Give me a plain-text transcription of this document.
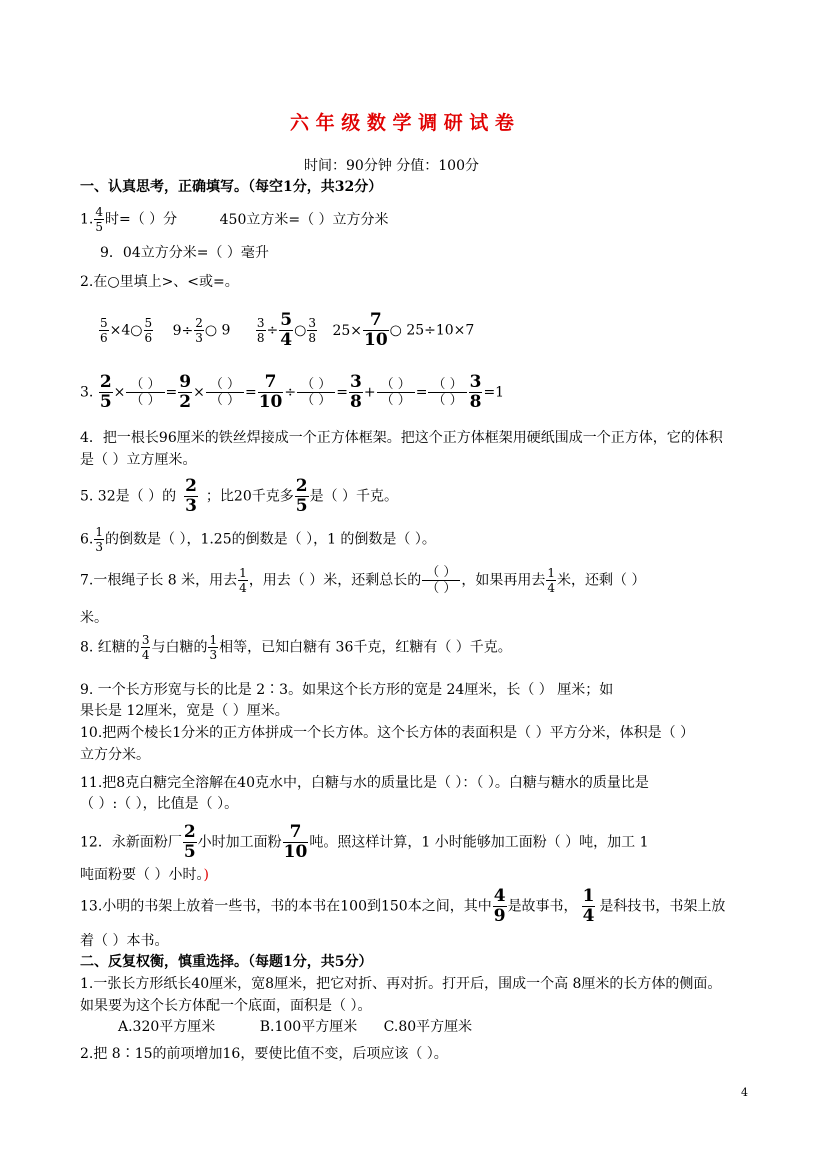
六 年 级 数 学 调 研 试 卷
时间：90分钟 分值：100分
一、认真思考，正确填写。（每空1分，共32分）
1. $\frac{4}{5}$ 时=（ ）分	450立方米=（ ）立方分米
9．04立方分米=（ ）毫升
2.在○里填上>、<或=。
$\frac{5}{6}$ ×4○ $\frac{5}{6} 9\div \frac{2}{3}$ ○ $9 \frac{3}{8} \div \frac{5}{4}$ ○ $\frac{3}{8} 25\times \frac{7}{10}$ ○ 25÷10×7
3. $\frac{2}{5}$ × （ ）
（ ） = $\frac{9}{2}$ × （ ）
（ ） = $\frac{7}{10}$ ÷ （ ）
（ ） = $\frac{3}{8}$ + （ ）
（ ） = （ ）
（ ） $\frac{3}{8} =1$
4．把一根长96厘米的铁丝焊接成一个正方体框架。把这个正方体框架用硬纸围成一个正方体，它的体积
是（ ）立方厘米。
5. 32是（ ）的 $\frac{2}{3}$ ；比20千克多 $\frac{2}{5}$ 是（ ）千克。
6. $\frac{1}{3}$ 的倒数是（ ），1.25的倒数是（ ），1 的倒数是（ ）。
7.一根绳子长 8 米，用去 $\frac{1}{4}$ ，用去（ ）米，还剩总长的 （ ）
（ ） ，如果再用去 $\frac{1}{4}$ 米，还剩（ ）
米。
8. 红糖的 $\frac{3}{4}$ 与白糖的 $\frac{1}{3}$ 相等，已知白糖有 36千克，红糖有（ ）千克。
9. 一个长方形宽与长的比是 2∶3。如果这个长方形的宽是 24厘米，长（ ） 厘米；如
果长是 12厘米，宽是（ ）厘米。
10.把两个棱长1分米的正方体拼成一个长方体。这个长方体的表面积是（ ）平方分米，体积是（ ）
立方分米。
11.把8克白糖完全溶解在40克水中，白糖与水的质量比是（ ）：（ ）。白糖与糖水的质量比是
（ ）:（ ），比值是（ ）。
12．永新面粉厂 $\frac{2}{5}$ 小时加工面粉 $\frac{7}{10}$ 吨。照这样计算，1 小时能够加工面粉（ ）吨，加工 1
吨面粉要（ ）小时。)
13.小明的书架上放着一些书，书的本书在100到150本之间，其中 $\frac{4}{9}$ 是故事书， $\frac{1}{4}$ 是科技书，书架上放
着（ ）本书。
二、反复权衡，慎重选择。（每题1分，共5分）
1.一张长方形纸长40厘米，宽8厘米，把它对折、再对折。打开后，围成一个高 8厘米的长方体的侧面。
如果要为这个长方体配一个底面，面积是（ ）。
A.320平方厘米	B.100平方厘米 C.80平方厘米
2.把 8∶15的前项增加16，要使比值不变，后项应该（ ）。
4
